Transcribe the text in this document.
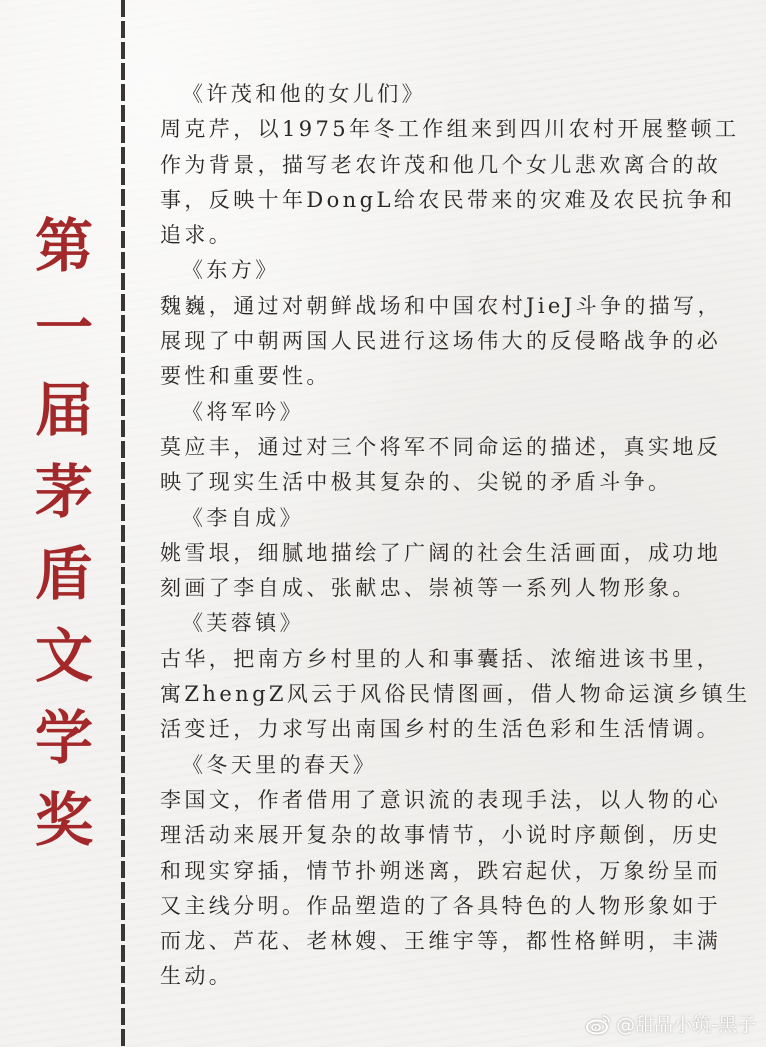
第
一
届
茅
盾
文
学
奖
《许茂和他的女儿们》
周克芹，以1975年冬工作组来到四川农村开展整顿工
作为背景，描写老农许茂和他几个女儿悲欢离合的故
事，反映十年DongL给农民带来的灾难及农民抗争和
追求。
《东方》
魏巍，通过对朝鲜战场和中国农村JieJ斗争的描写，
展现了中朝两国人民进行这场伟大的反侵略战争的必
要性和重要性。
《将军吟》
莫应丰，通过对三个将军不同命运的描述，真实地反
映了现实生活中极其复杂的、尖锐的矛盾斗争。
《李自成》
姚雪垠，细腻地描绘了广阔的社会生活画面，成功地
刻画了李自成、张献忠、崇祯等一系列人物形象。
《芙蓉镇》
古华，把南方乡村里的人和事囊括、浓缩进该书里，
寓ZhengZ风云于风俗民情图画，借人物命运演乡镇生
活变迁，力求写出南国乡村的生活色彩和生活情调。
《冬天里的春天》
李国文，作者借用了意识流的表现手法，以人物的心
理活动来展开复杂的故事情节，小说时序颠倒，历史
和现实穿插，情节扑朔迷离，跌宕起伏，万象纷呈而
又主线分明。作品塑造的了各具特色的人物形象如于
而龙、芦花、老林嫂、王维宇等，都性格鲜明，丰满
生动。
@甜品小筑-黑子
